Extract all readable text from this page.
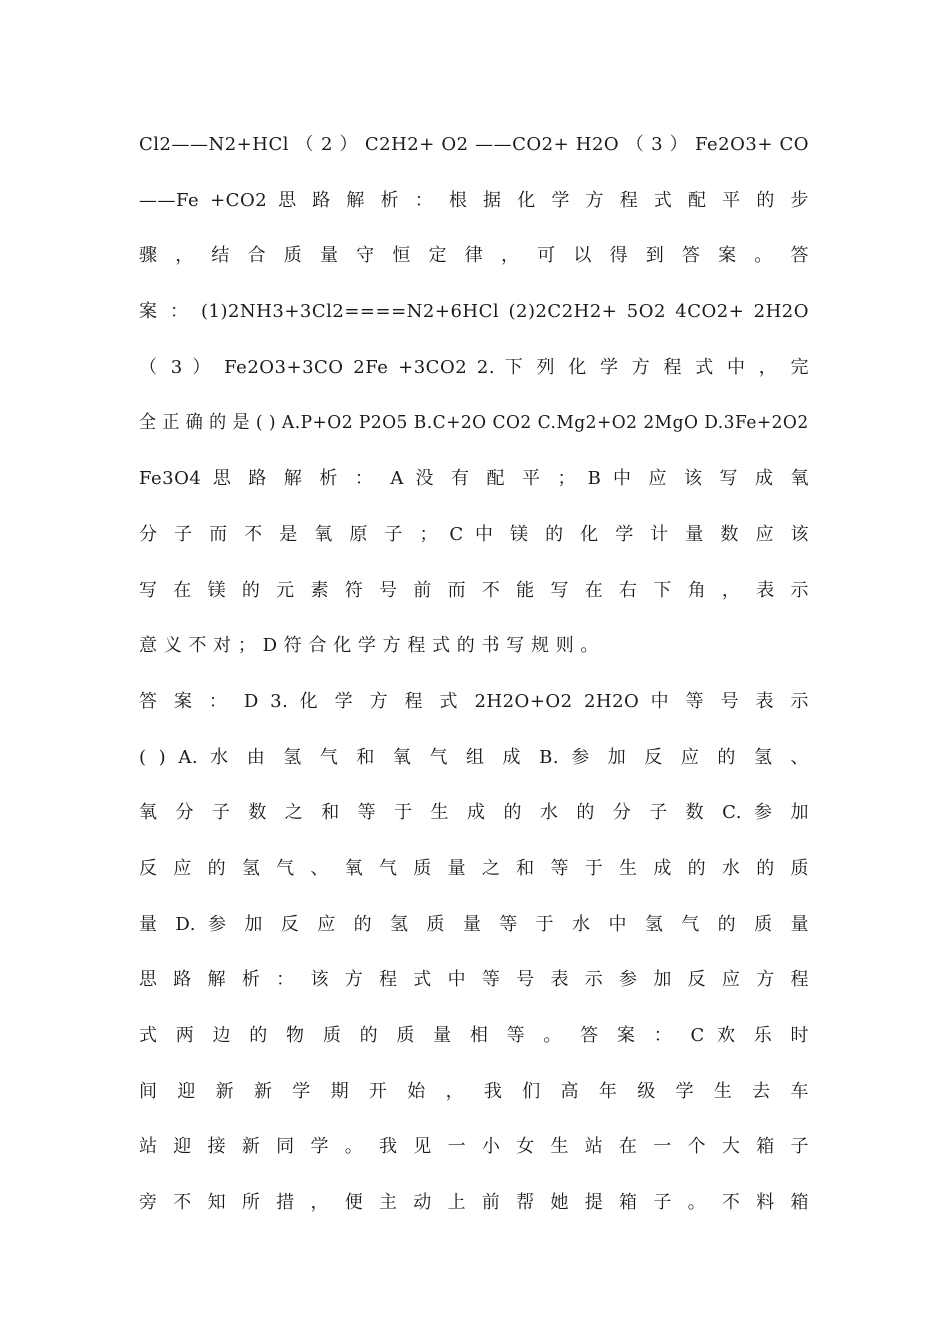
Cl2——N2+HCl （ 2 ） C2H2+ O2 ——CO2+ H2O （ 3 ） Fe2O3+ CO
——Fe +CO2 思 路 解 析 ： 根 据 化 学 方 程 式 配 平 的 步
骤 ， 结 合 质 量 守 恒 定 律 ， 可 以 得 到 答 案 。 答
案 ： (1)2NH3+3Cl2====N2+6HCl (2)2C2H2+ 5O2 4CO2+ 2H2O
（ 3 ） Fe2O3+3CO 2Fe +3CO2 2. 下 列 化 学 方 程 式 中 ， 完
全 正 确 的 是 ( ) A.P+O2 P2O5 B.C+2O CO2 C.Mg2+O2 2MgO D.3Fe+2O2
Fe3O4 思 路 解 析 ： A 没 有 配 平 ； B 中 应 该 写 成 氧
分 子 而 不 是 氧 原 子 ； C 中 镁 的 化 学 计 量 数 应 该
写 在 镁 的 元 素 符 号 前 而 不 能 写 在 右 下 角 ， 表 示
意 义 不 对 ； D 符 合 化 学 方 程 式 的 书 写 规 则 。
答 案 ： D 3. 化 学 方 程 式 2H2O+O2 2H2O 中 等 号 表 示
( ) A. 水 由 氢 气 和 氧 气 组 成 B. 参 加 反 应 的 氢 、
氧 分 子 数 之 和 等 于 生 成 的 水 的 分 子 数 C. 参 加
反 应 的 氢 气 、 氧 气 质 量 之 和 等 于 生 成 的 水 的 质
量 D. 参 加 反 应 的 氢 质 量 等 于 水 中 氢 气 的 质 量
思 路 解 析 ： 该 方 程 式 中 等 号 表 示 参 加 反 应 方 程
式 两 边 的 物 质 的 质 量 相 等 。 答 案 ： C 欢 乐 时
间 迎 新 新 学 期 开 始 ， 我 们 高 年 级 学 生 去 车
站 迎 接 新 同 学 。 我 见 一 小 女 生 站 在 一 个 大 箱 子
旁 不 知 所 措 ， 便 主 动 上 前 帮 她 提 箱 子 。 不 料 箱
